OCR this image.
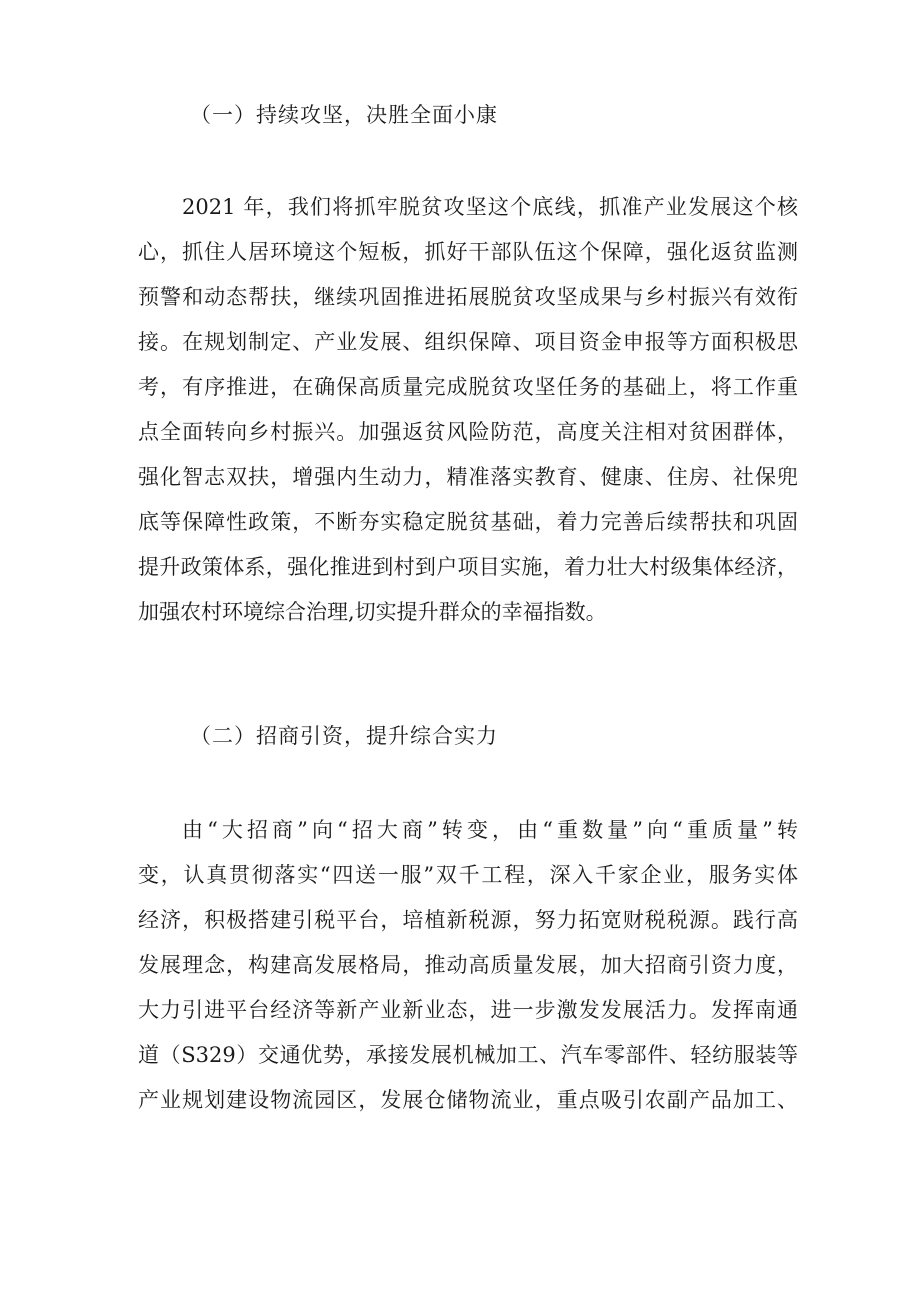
（一）持续攻坚，决胜全面小康
2021 年，我们将抓牢脱贫攻坚这个底线，抓准产业发展这个核
心，抓住人居环境这个短板，抓好干部队伍这个保障，强化返贫监测
预警和动态帮扶，继续巩固推进拓展脱贫攻坚成果与乡村振兴有效衔
接。在规划制定、产业发展、组织保障、项目资金申报等方面积极思
考，有序推进，在确保高质量完成脱贫攻坚任务的基础上，将工作重
点全面转向乡村振兴。加强返贫风险防范，高度关注相对贫困群体，
强化智志双扶，增强内生动力，精准落实教育、健康、住房、社保兜
底等保障性政策，不断夯实稳定脱贫基础，着力完善后续帮扶和巩固
提升政策体系，强化推进到村到户项目实施，着力壮大村级集体经济，
加强农村环境综合治理,切实提升群众的幸福指数。
（二）招商引资，提升综合实力
由“大招商”向“招大商”转变，由“重数量”向“重质量”转
变，认真贯彻落实“四送一服”双千工程，深入千家企业，服务实体
经济，积极搭建引税平台，培植新税源，努力拓宽财税税源。践行高
发展理念，构建高发展格局，推动高质量发展，加大招商引资力度，
大力引进平台经济等新产业新业态，进一步激发发展活力。发挥南通
道（S329）交通优势，承接发展机械加工、汽车零部件、轻纺服装等
产业规划建设物流园区，发展仓储物流业，重点吸引农副产品加工、
